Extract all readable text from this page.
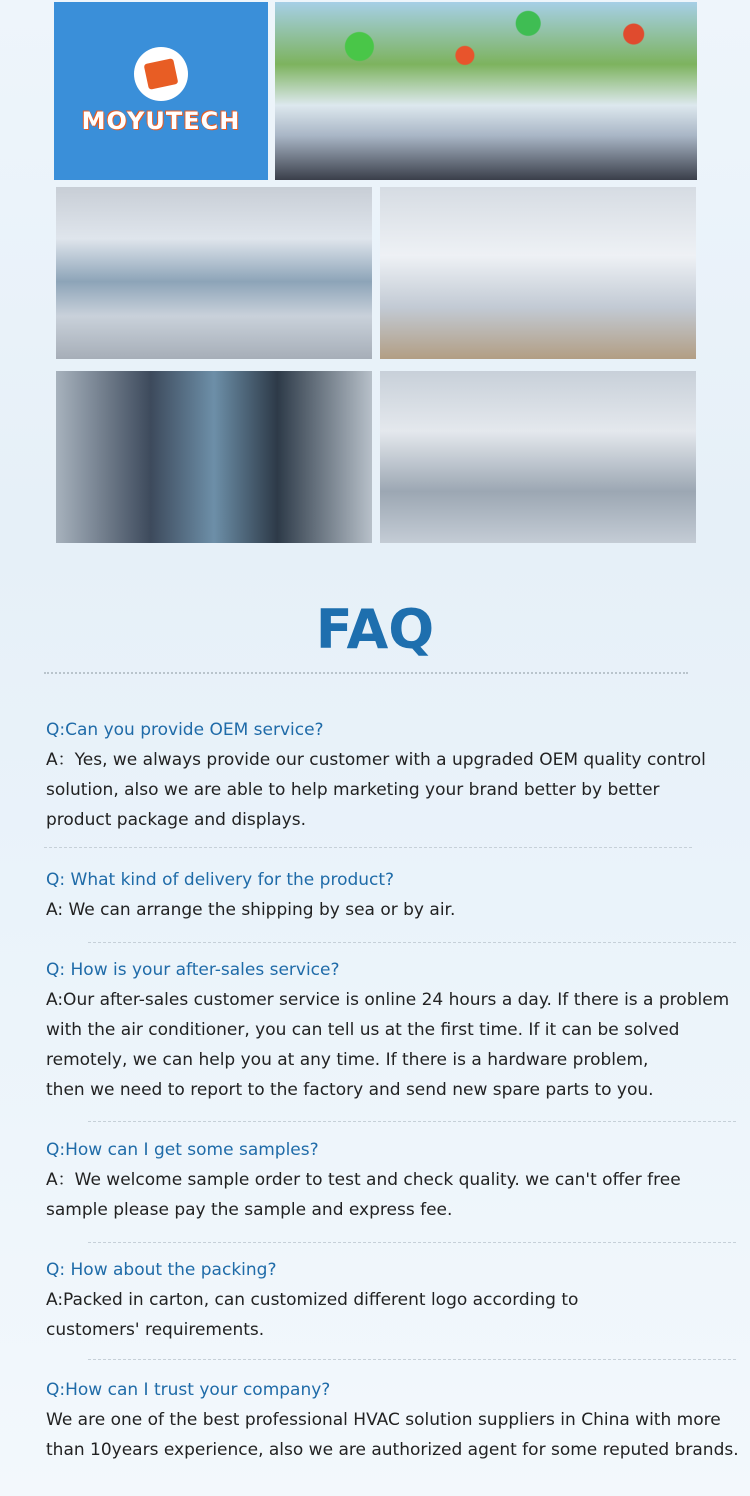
MOYUTECH
FAQ
Q:Can you provide OEM service?
A：Yes, we always provide our customer with a upgraded OEM quality control
solution, also we are able to help marketing your brand better by better
product package and displays.
Q: What kind of delivery for the product?
A: We can arrange the shipping by sea or by air.
Q: How is your after-sales service?
A:Our after-sales customer service is online 24 hours a day. If there is a problem
with the air conditioner, you can tell us at the first time. If it can be solved
remotely, we can help you at any time. If there is a hardware problem,
then we need to report to the factory and send new spare parts to you.
Q:How can I get some samples?
A：We welcome sample order to test and check quality. we can't offer free
sample please pay the sample and express fee.
Q: How about the packing?
A:Packed in carton, can customized different logo according to
customers' requirements.
Q:How can I trust your company?
We are one of the best professional HVAC solution suppliers in China with more
than 10years experience, also we are authorized agent for some reputed brands.
